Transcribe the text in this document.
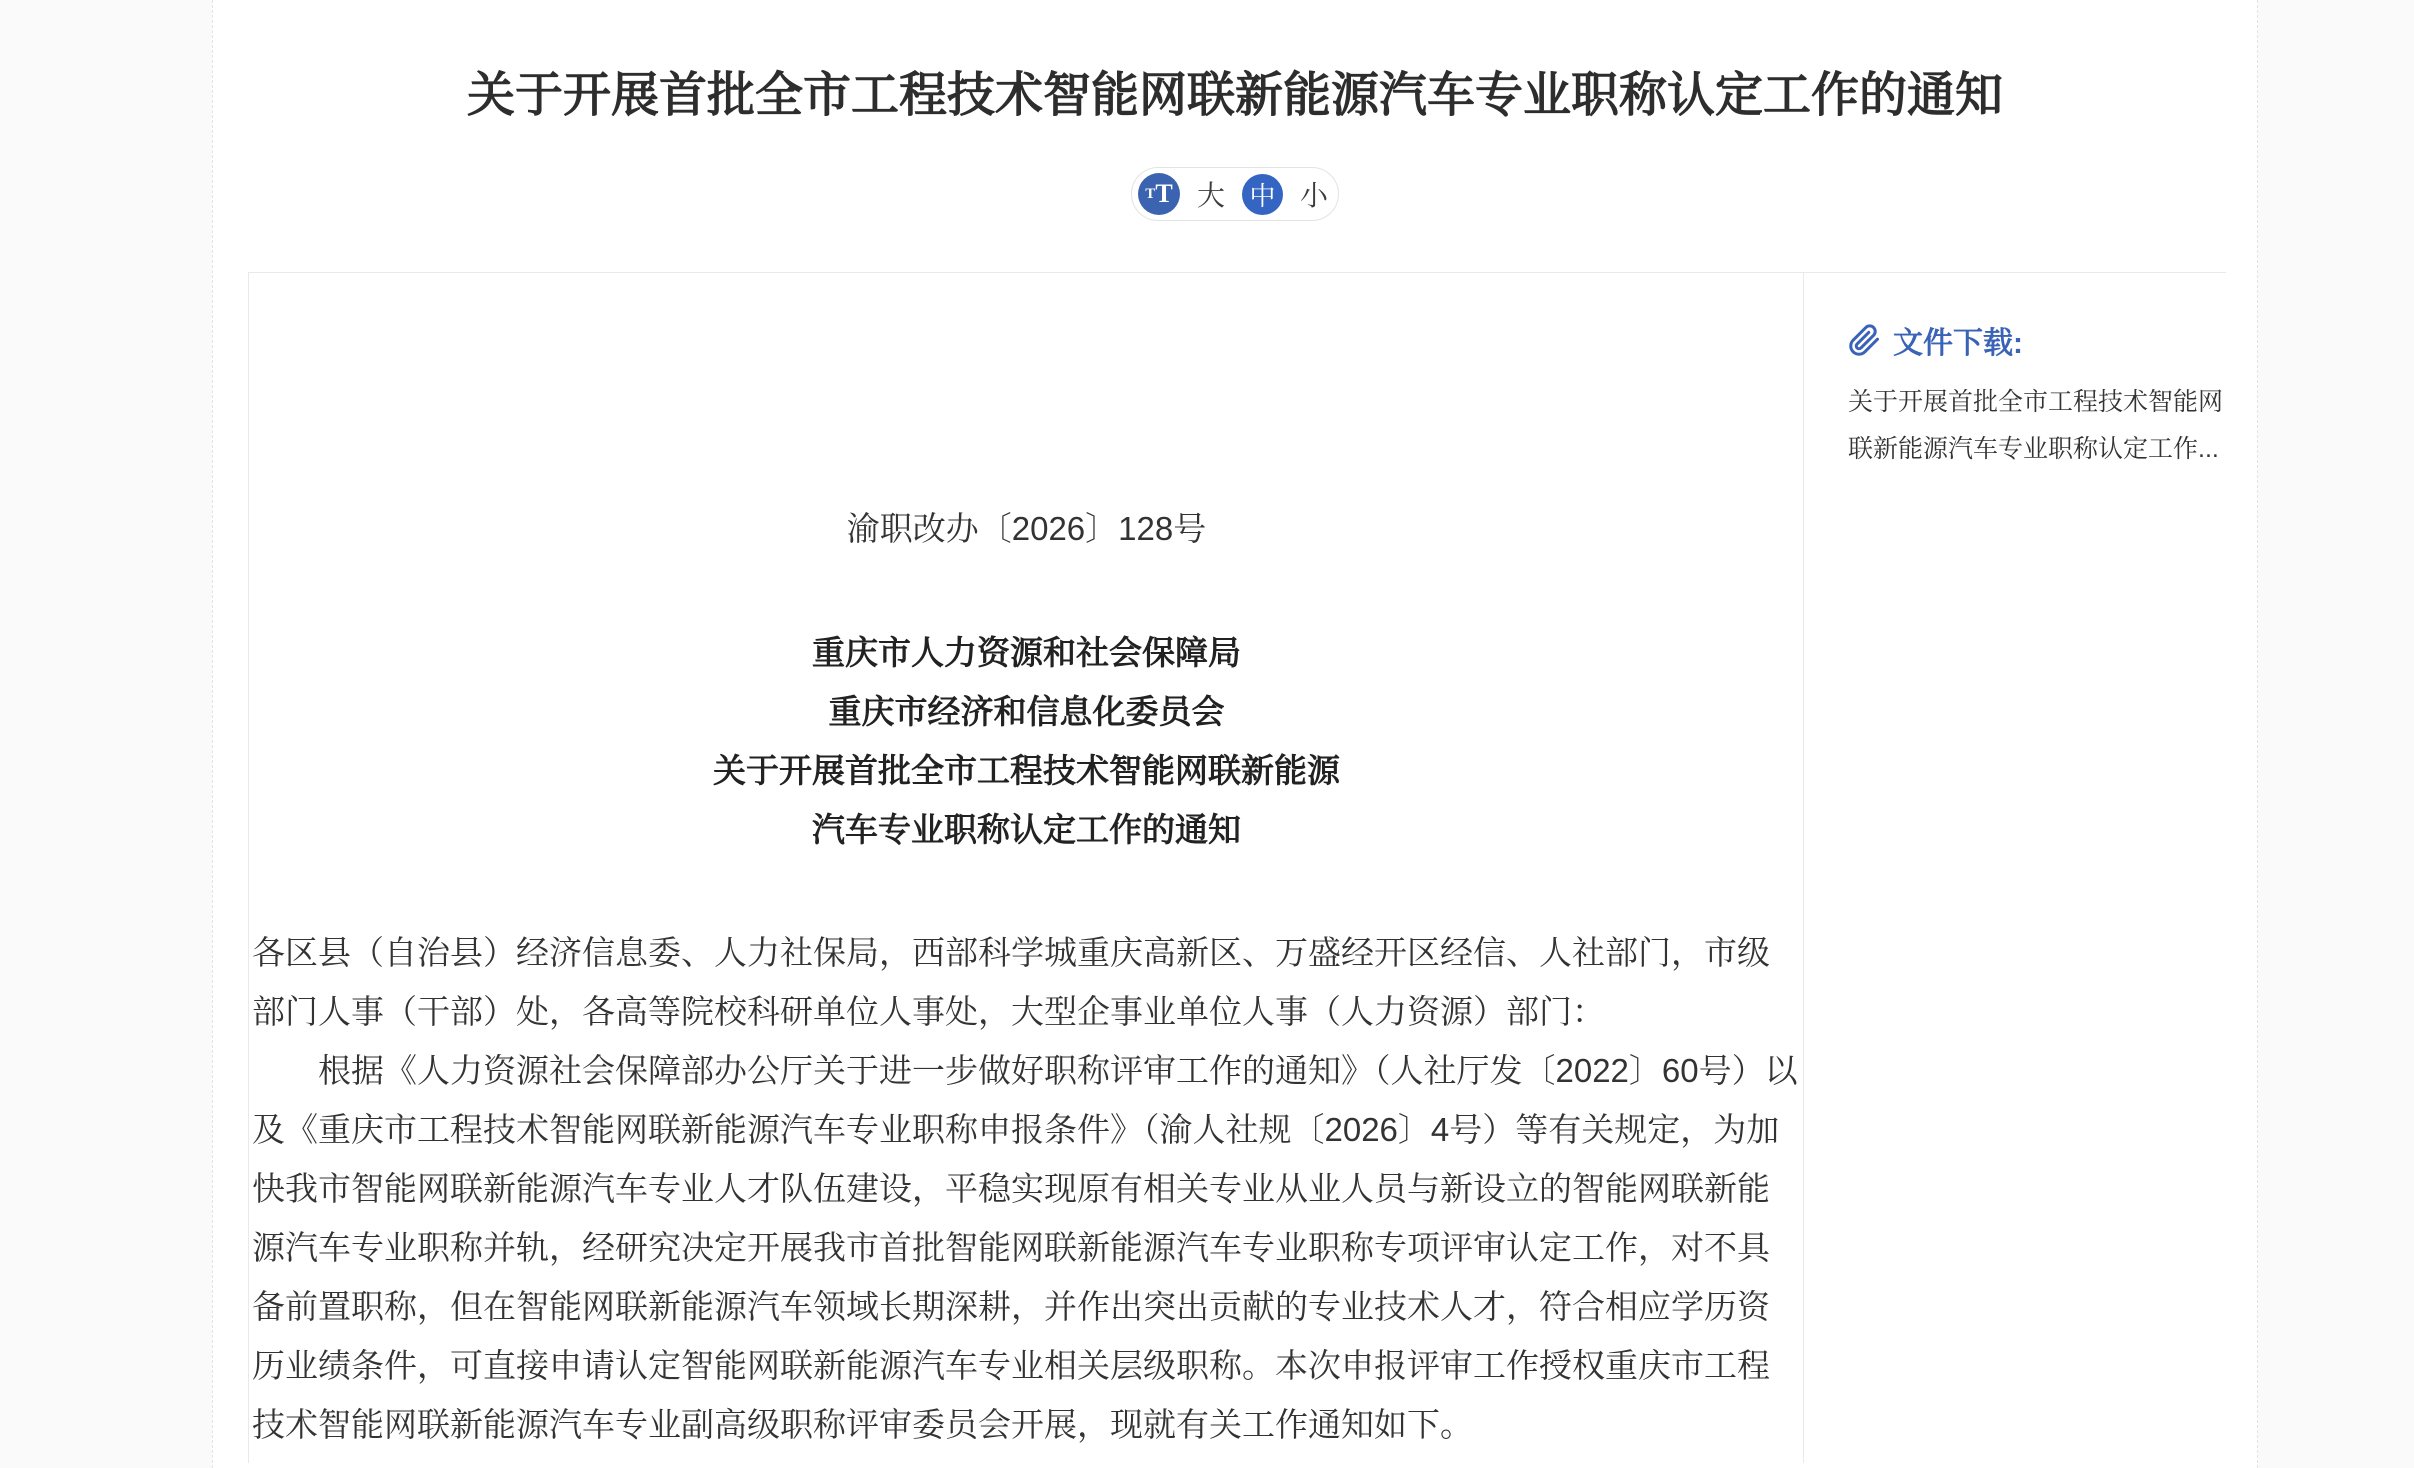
关于开展首批全市工程技术智能网联新能源汽车专业职称认定工作的通知
T T 大 中 小
渝职改办〔2026〕128号
重庆市人力资源和社会保障局
重庆市经济和信息化委员会
关于开展首批全市工程技术智能网联新能源
汽车专业职称认定工作的通知

各区县（自治县）经济信息委、人力社保局，西部科学城重庆高新区、万盛经开区经信、人社部门，市级部门人事（干部）处，各高等院校科研单位人事处，大型企事业单位人事（人力资源）部门：

根据《人力资源社会保障部办公厅关于进一步做好职称评审工作的通知》（人社厅发〔2022〕60号）以及《重庆市工程技术智能网联新能源汽车专业职称申报条件》（渝人社规〔2026〕4号）等有关规定，为加快我市智能网联新能源汽车专业人才队伍建设，平稳实现原有相关专业从业人员与新设立的智能网联新能源汽车专业职称并轨，经研究决定开展我市首批智能网联新能源汽车专业职称专项评审认定工作，对不具备前置职称，但在智能网联新能源汽车领域长期深耕，并作出突出贡献的专业技术人才，符合相应学历资历业绩条件，可直接申请认定智能网联新能源汽车专业相关层级职称。本次申报评审工作授权重庆市工程技术智能网联新能源汽车专业副高级职称评审委员会开展，现就有关工作通知如下。

文件下载:
关于开展首批全市工程技术智能网联新能源汽车专业职称认定工作...
